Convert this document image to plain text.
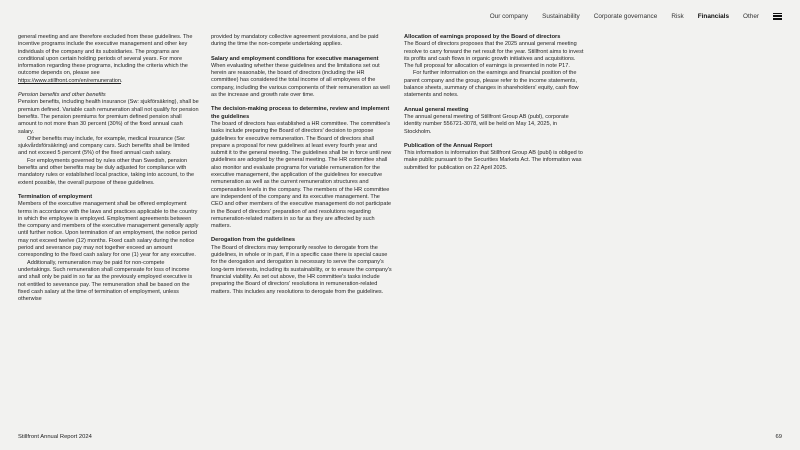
Our company Sustainability Corporate governance Risk Financials Other

general meeting and are therefore excluded from these guidelines. The incentive programs include the executive management and other key individuals of the company and its subsidiaries. The programs are conditional upon certain holding periods of several years. For more information regarding these programs, including the criteria which the outcome depends on, please see https://www.stillfront.com/en/remuneration.

Pension benefits and other benefits

Pension benefits, including health insurance (Sw: sjukförsäkring), shall be premium defined. Variable cash remuneration shall not qualify for pension benefits. The pension premiums for premium defined pension shall amount to not more than 30 percent (30%) of the fixed annual cash salary.

Other benefits may include, for example, medical insurance (Sw: sjukvårdsförsäkring) and company cars. Such benefits shall be limited and not exceed 5 percent (5%) of the fixed annual cash salary.

For employments governed by rules other than Swedish, pension benefits and other benefits may be duly adjusted for compliance with mandatory rules or established local practice, taking into account, to the extent possible, the overall purpose of these guidelines.

Termination of employment

Members of the executive management shall be offered employment terms in accordance with the laws and practices applicable to the country in which the employee is employed. Employment agreements between the company and members of the executive management generally apply until further notice. Upon termination of an employment, the notice period may not exceed twelve (12) months. Fixed cash salary during the notice period and severance pay may not together exceed an amount corresponding to the fixed cash salary for one (1) year for any executive.

Additionally, remuneration may be paid for non-compete undertakings. Such remuneration shall compensate for loss of income and shall only be paid in so far as the previously employed executive is not entitled to severance pay. The remuneration shall be based on the fixed cash salary at the time of termination of employment, unless otherwise

provided by mandatory collective agreement provisions, and be paid during the time the non-compete undertaking applies.

Salary and employment conditions for executive management

When evaluating whether these guidelines and the limitations set out herein are reasonable, the board of directors (including the HR committee) has considered the total income of all employees of the company, including the various components of their remuneration as well as the increase and growth rate over time.

The decision-making process to determine, review and implement the guidelines

The board of directors has established a HR committee. The committee's tasks include preparing the Board of directors' decision to propose guidelines for executive remuneration. The Board of directors shall prepare a proposal for new guidelines at least every fourth year and submit it to the general meeting. The guidelines shall be in force until new guidelines are adopted by the general meeting. The HR committee shall also monitor and evaluate programs for variable remuneration for the executive management, the application of the guidelines for executive remuneration as well as the current remuneration structures and compensation levels in the company. The members of the HR committee are independent of the company and its executive management. The CEO and other members of the executive management do not participate in the Board of directors' preparation of and resolutions regarding remuneration-related matters in so far as they are affected by such matters.

Derogation from the guidelines

The Board of directors may temporarily resolve to derogate from the guidelines, in whole or in part, if in a specific case there is special cause for the derogation and derogation is necessary to serve the company's long-term interests, including its sustainability, or to ensure the company's financial viability. As set out above, the HR committee's tasks include preparing the Board of directors' resolutions in remuneration-related matters. This includes any resolutions to derogate from the guidelines.

Allocation of earnings proposed by the Board of directors

The Board of directors proposes that the 2025 annual general meeting resolve to carry forward the net result for the year. Stillfront aims to invest its profits and cash flows in organic growth initiatives and acquisitions. The full proposal for allocation of earnings is presented in note P17.

For further information on the earnings and financial position of the parent company and the group, please refer to the income statements, balance sheets, summary of changes in shareholders' equity, cash flow statements and notes.

Annual general meeting

The annual general meeting of Stillfront Group AB (publ), corporate identity number 556721-3078, will be held on May 14, 2025, in Stockholm.

Publication of the Annual Report

This information is information that Stillfront Group AB (publ) is obliged to make public pursuant to the Securities Markets Act. The information was submitted for publication on 22 April 2025.

Stillfront Annual Report 2024	69
